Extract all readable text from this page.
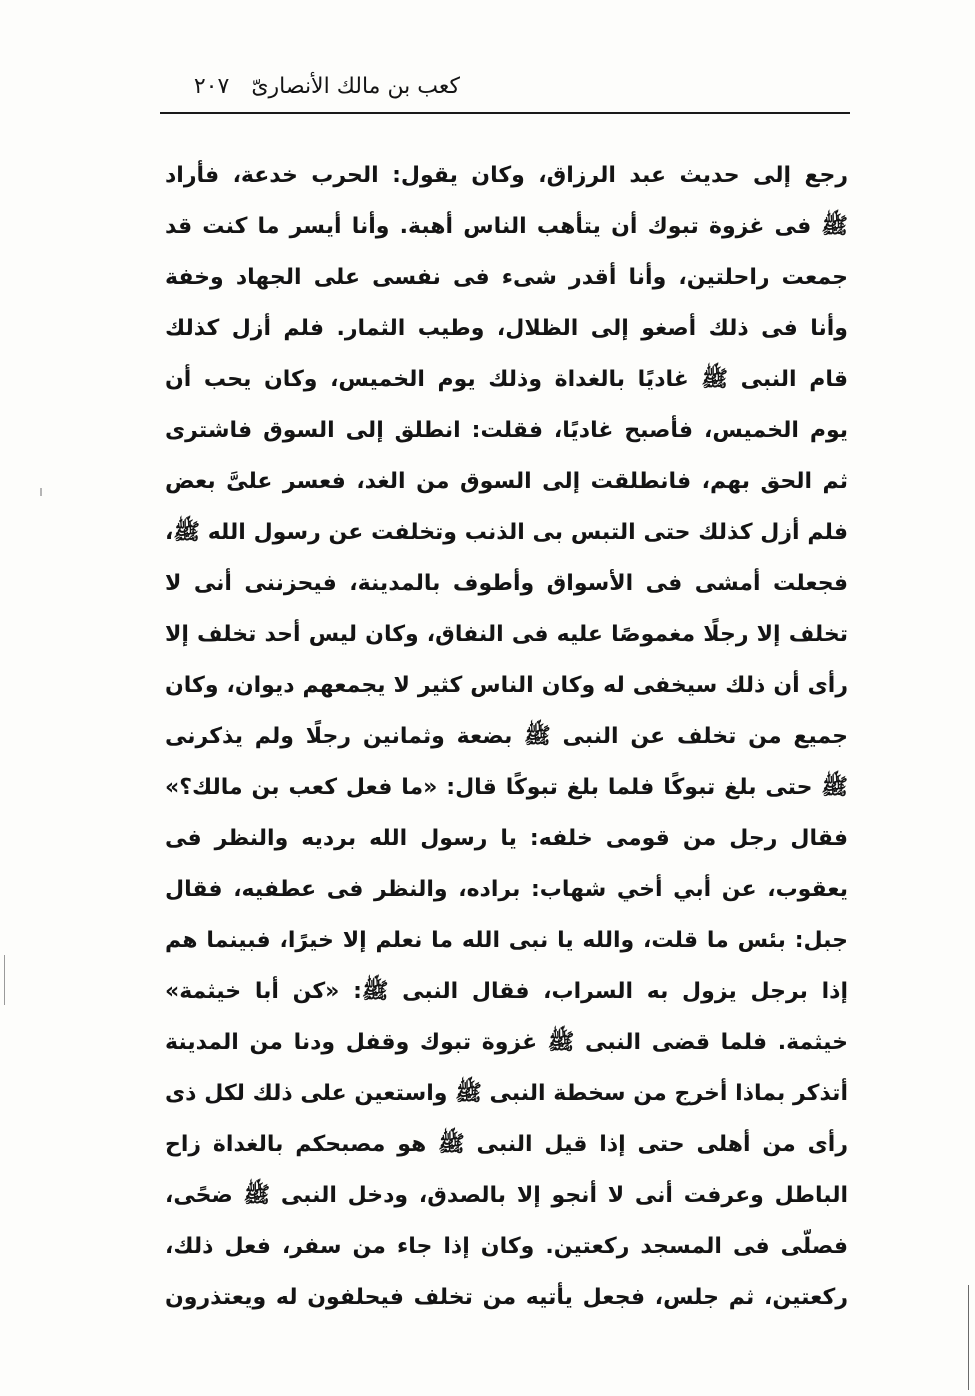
كعب بن مالك الأنصارىّ
٢٠٧
رجع إلى حديث عبد الرزاق، وكان يقول: الحرب خدعة، فأراد
ﷺ فى غزوة تبوك أن يتأهب الناس أهبة. وأنا أيسر ما كنت قد
جمعت راحلتين، وأنا أقدر شىء فى نفسى على الجهاد وخفة
وأنا فى ذلك أصغو إلى الظلال، وطيب الثمار. فلم أزل كذلك
قام النبى ﷺ غاديًا بالغداة وذلك يوم الخميس، وكان يحب أن
يوم الخميس، فأصبح غاديًا، فقلت: انطلق إلى السوق فاشترى
ثم الحق بهم، فانطلقت إلى السوق من الغد، فعسر علىَّ بعض
فلم أزل كذلك حتى التبس بى الذنب وتخلفت عن رسول الله ﷺ،
فجعلت أمشى فى الأسواق وأطوف بالمدينة، فيحزننى أنى لا
تخلف إلا رجلًا مغموصًا عليه فى النفاق، وكان ليس أحد تخلف إلا
رأى أن ذلك سيخفى له وكان الناس كثير لا يجمعهم ديوان، وكان
جميع من تخلف عن النبى ﷺ بضعة وثمانين رجلًا ولم يذكرنى
ﷺ حتى بلغ تبوكًا فلما بلغ تبوكًا قال: «ما فعل كعب بن مالك؟»
فقال رجل من قومى خلفه: يا رسول الله برديه والنظر فى
يعقوب، عن أبي أخي شهاب: براده، والنظر فى عطفيه، فقال
جبل: بئس ما قلت، والله يا نبى الله ما نعلم إلا خيرًا، فبينما هم
إذا برجل يزول به السراب، فقال النبى ﷺ: «كن أبا خيثمة»
خيثمة. فلما قضى النبى ﷺ غزوة تبوك وقفل ودنا من المدينة
أتذكر بماذا أخرج من سخطة النبى ﷺ واستعين على ذلك لكل ذى
رأى من أهلى حتى إذا قيل النبى ﷺ هو مصبحكم بالغداة زاح
الباطل وعرفت أنى لا أنجو إلا بالصدق، ودخل النبى ﷺ ضحًى،
فصلّى فى المسجد ركعتين. وكان إذا جاء من سفر، فعل ذلك،
ركعتين، ثم جلس، فجعل يأتيه من تخلف فيحلفون له ويعتذرون
